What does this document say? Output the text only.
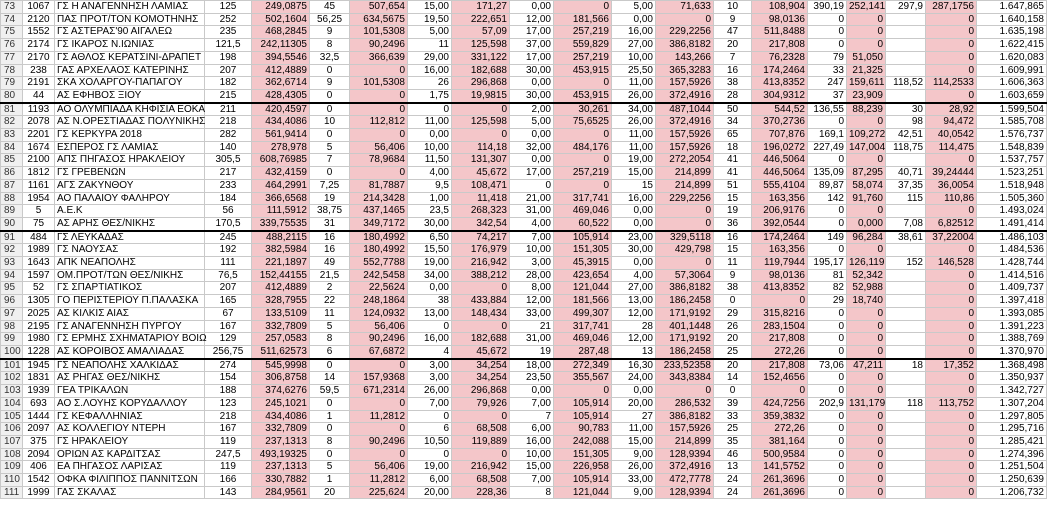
73	1067	ΓΣ Η ΑΝΑΓΕΝΝΗΣΗ ΛΑΜΙΑΣ	125	249,0875	45	507,654	15,00	171,27	0,00	0	5,00	71,633	10	108,904	390,19	252,141	297,9	287,1756	1.647,865
74	2120	ΠΑΣ ΠΡΟΤ/ΤΟΝ ΚΟΜΟΤΗΝΗΣ	252	502,1604	56,25	634,5675	19,50	222,651	12,00	181,566	0,00	0	9	98,0136	0	0		0	1.640,158
75	1552	ΓΣ ΑΣΤΕΡΑΣ'90 ΑΙΓΑΛΕΩ	235	468,2845	9	101,5308	5,00	57,09	17,00	257,219	16,00	229,2256	47	511,8488	0	0		0	1.635,198
76	2174	ΓΣ ΙΚΑΡΟΣ Ν.ΙΩΝΙΑΣ	121,5	242,11305	8	90,2496	11	125,598	37,00	559,829	27,00	386,8182	20	217,808	0	0		0	1.622,415
77	2170	ΓΣ ΑΘΛΟΣ ΚΕΡΑΤΣΙΝΙ-ΔΡΑΠΕΤ	198	394,5546	32,5	366,639	29,00	331,122	17,00	257,219	10,00	143,266	7	76,2328	79	51,050		0	1.620,083
78	238	ΓΑΣ ΑΡΧΕΛΑΟΣ ΚΑΤΕΡΙΝΗΣ	207	412,4889	0	0	16,00	182,688	30,00	453,915	25,50	365,3283	16	174,2464	33	21,325		0	1.609,991
79	2191	ΣΚΑ ΧΟΛΑΡΓΟΥ-ΠΑΠΑΓΟΥ	182	362,6714	9	101,5308	26	296,868	0,00	0	11,00	157,5926	38	413,8352	247	159,611	118,52	114,2533	1.606,363
80	44	ΑΣ ΕΦΗΒΟΣ ΞΙΟΥ	215	428,4305	0	0	1,75	19,9815	30,00	453,915	26,00	372,4916	28	304,9312	37	23,909		0	1.603,659
81	1193	ΑΟ ΟΛΥΜΠΙΑΔΑ ΚΗΦΙΣΙΑ ΕΟΚΑ	211	420,4597	0	0	0	0	2,00	30,261	34,00	487,1044	50	544,52	136,55	88,239	30	28,92	1.599,504
82	2078	ΑΣ Ν.ΟΡΕΣΤΙΑΔΑΣ ΠΟΛΥΝΙΚΗΣ	218	434,4086	10	112,812	11,00	125,598	5,00	75,6525	26,00	372,4916	34	370,2736	0	0	98	94,472	1.585,708
83	2201	ΓΣ ΚΕΡΚΥΡΑ 2018	282	561,9414	0	0	0,00	0	0,00	0	11,00	157,5926	65	707,876	169,1	109,272	42,51	40,0542	1.576,737
84	1674	ΕΣΠΕΡΟΣ ΓΣ ΛΑΜΙΑΣ	140	278,978	5	56,406	10,00	114,18	32,00	484,176	11,00	157,5926	18	196,0272	227,49	147,004	118,75	114,475	1.548,839
85	2100	ΑΠΣ ΠΗΓΑΣΟΣ ΗΡΑΚΛΕΙΟΥ	305,5	608,76985	7	78,9684	11,50	131,307	0,00	0	19,00	272,2054	41	446,5064	0	0		0	1.537,757
86	1812	ΓΣ ΓΡΕΒΕΝΩΝ	217	432,4159	0	0	4,00	45,672	17,00	257,219	15,00	214,899	41	446,5064	135,09	87,295	40,71	39,24444	1.523,251
87	1161	ΑΓΣ ΖΑΚΥΝΘΟΥ	233	464,2991	7,25	81,7887	9,5	108,471	0	0	15	214,899	51	555,4104	89,87	58,074	37,35	36,0054	1.518,948
88	1954	ΑΟ ΠΑΛΑΙΟΥ ΦΑΛΗΡΟΥ	184	366,6568	19	214,3428	1,00	11,418	21,00	317,741	16,00	229,2256	15	163,356	142	91,760	115	110,86	1.505,360
89	5	Α.Ε.Κ	56	111,5912	38,75	437,1465	23,5	268,323	31,00	469,046	0,00	0	19	206,9176	0	0		0	1.493,024
90	75	ΑΣ ΑΡΗΣ ΘΕΣ/ΝΙΚΗΣ	170,5	339,75535	31	349,7172	30,00	342,54	4,00	60,522	0,00	0	36	392,0544	0	0,000	7,08	6,82512	1.491,414
91	484	ΓΣ ΛΕΥΚΑΔΑΣ	245	488,2115	16	180,4992	6,50	74,217	7,00	105,914	23,00	329,5118	16	174,2464	149	96,284	38,61	37,22004	1.486,103
92	1989	ΓΣ ΝΑΟΥΣΑΣ	192	382,5984	16	180,4992	15,50	176,979	10,00	151,305	30,00	429,798	15	163,356	0	0		0	1.484,536
93	1643	ΑΠΚ ΝΕΑΠΟΛΗΣ	111	221,1897	49	552,7788	19,00	216,942	3,00	45,3915	0,00	0	11	119,7944	195,17	126,119	152	146,528	1.428,744
94	1597	ΟΜ.ΠΡΟΤ/ΤΩΝ ΘΕΣ/ΝΙΚΗΣ	76,5	152,44155	21,5	242,5458	34,00	388,212	28,00	423,654	4,00	57,3064	9	98,0136	81	52,342		0	1.414,516
95	52	ΓΣ ΣΠΑΡΤΙΑΤΙΚΟΣ	207	412,4889	2	22,5624	0,00	0	8,00	121,044	27,00	386,8182	38	413,8352	82	52,988		0	1.409,737
96	1305	ΓΟ ΠΕΡΙΣΤΕΡΙΟΥ Π.ΠΑΛΑΣΚΑ	165	328,7955	22	248,1864	38	433,884	12,00	181,566	13,00	186,2458	0	0	29	18,740		0	1.397,418
97	2025	ΑΣ ΚΙΛΚΙΣ ΑΙΑΣ	67	133,5109	11	124,0932	13,00	148,434	33,00	499,307	12,00	171,9192	29	315,8216	0	0		0	1.393,085
98	2195	ΓΣ ΑΝΑΓΕΝΝΗΣΗ ΠΥΡΓΟΥ	167	332,7809	5	56,406	0	0	21	317,741	28	401,1448	26	283,1504	0	0		0	1.391,223
99	1980	ΓΣ ΕΡΜΗΣ ΣΧΗΜΑΤΑΡΙΟΥ ΒΟΙΩ	129	257,0583	8	90,2496	16,00	182,688	31,00	469,046	12,00	171,9192	20	217,808	0	0		0	1.388,769
100	1228	ΑΣ ΚΟΡΟΙΒΟΣ ΑΜΑΛΙΑΔΑΣ	256,75	511,62573	6	67,6872	4	45,672	19	287,48	13	186,2458	25	272,26	0	0		0	1.370,970
101	1945	ΓΣ ΝΕΑΠΟΛΗΣ ΧΑΛΚΙΔΑΣ	274	545,9998	0	0	3,00	34,254	18,00	272,349	16,30	233,52358	20	217,808	73,06	47,211	18	17,352	1.368,498
102	1831	ΑΣ ΡΗΓΑΣ ΘΕΣ/ΝΙΚΗΣ	154	306,8758	14	157,9368	3,00	34,254	23,50	355,567	24,00	343,8384	14	152,4656	0	0		0	1.350,937
103	1939	ΓΕΑ ΤΡΙΚΑΛΩΝ	188	374,6276	59,5	671,2314	26,00	296,868	0,00	0	0,00	0	0	0	0	0		0	1.342,727
104	693	ΑΟ Σ.ΛΟΥΗΣ ΚΟΡΥΔΑΛΛΟΥ	123	245,1021	0	0	7,00	79,926	7,00	105,914	20,00	286,532	39	424,7256	202,9	131,179	118	113,752	1.307,204
105	1444	ΓΣ ΚΕΦΑΛΛΗΝΙΑΣ	218	434,4086	1	11,2812	0	0	7	105,914	27	386,8182	33	359,3832	0	0		0	1.297,805
106	2097	ΑΣ ΚΟΛΛΕΓΙΟΥ ΝΤΕΡΗ	167	332,7809	0	0	6	68,508	6,00	90,783	11,00	157,5926	25	272,26	0	0		0	1.295,716
107	375	ΓΣ ΗΡΑΚΛΕΙΟΥ	119	237,1313	8	90,2496	10,50	119,889	16,00	242,088	15,00	214,899	35	381,164	0	0		0	1.285,421
108	2094	ΟΡΙΩΝ ΑΣ ΚΑΡΔΙΤΣΑΣ	247,5	493,19325	0	0	0	0	10,00	151,305	9,00	128,9394	46	500,9584	0	0		0	1.274,396
109	406	ΕΑ ΠΗΓΑΣΟΣ ΛΑΡΙΣΑΣ	119	237,1313	5	56,406	19,00	216,942	15,00	226,958	26,00	372,4916	13	141,5752	0	0		0	1.251,504
110	1542	ΟΦΚΑ ΦΙΛΙΠΠΟΣ ΠΑΝΝΙΤΣΩΝ	166	330,7882	1	11,2812	6,00	68,508	7,00	105,914	33,00	472,7778	24	261,3696	0	0		0	1.250,639
111	1999	ΓΑΣ ΣΚΑΛΑΣ	143	284,9561	20	225,624	20,00	228,36	8	121,044	9,00	128,9394	24	261,3696	0	0		0	1.206,732
